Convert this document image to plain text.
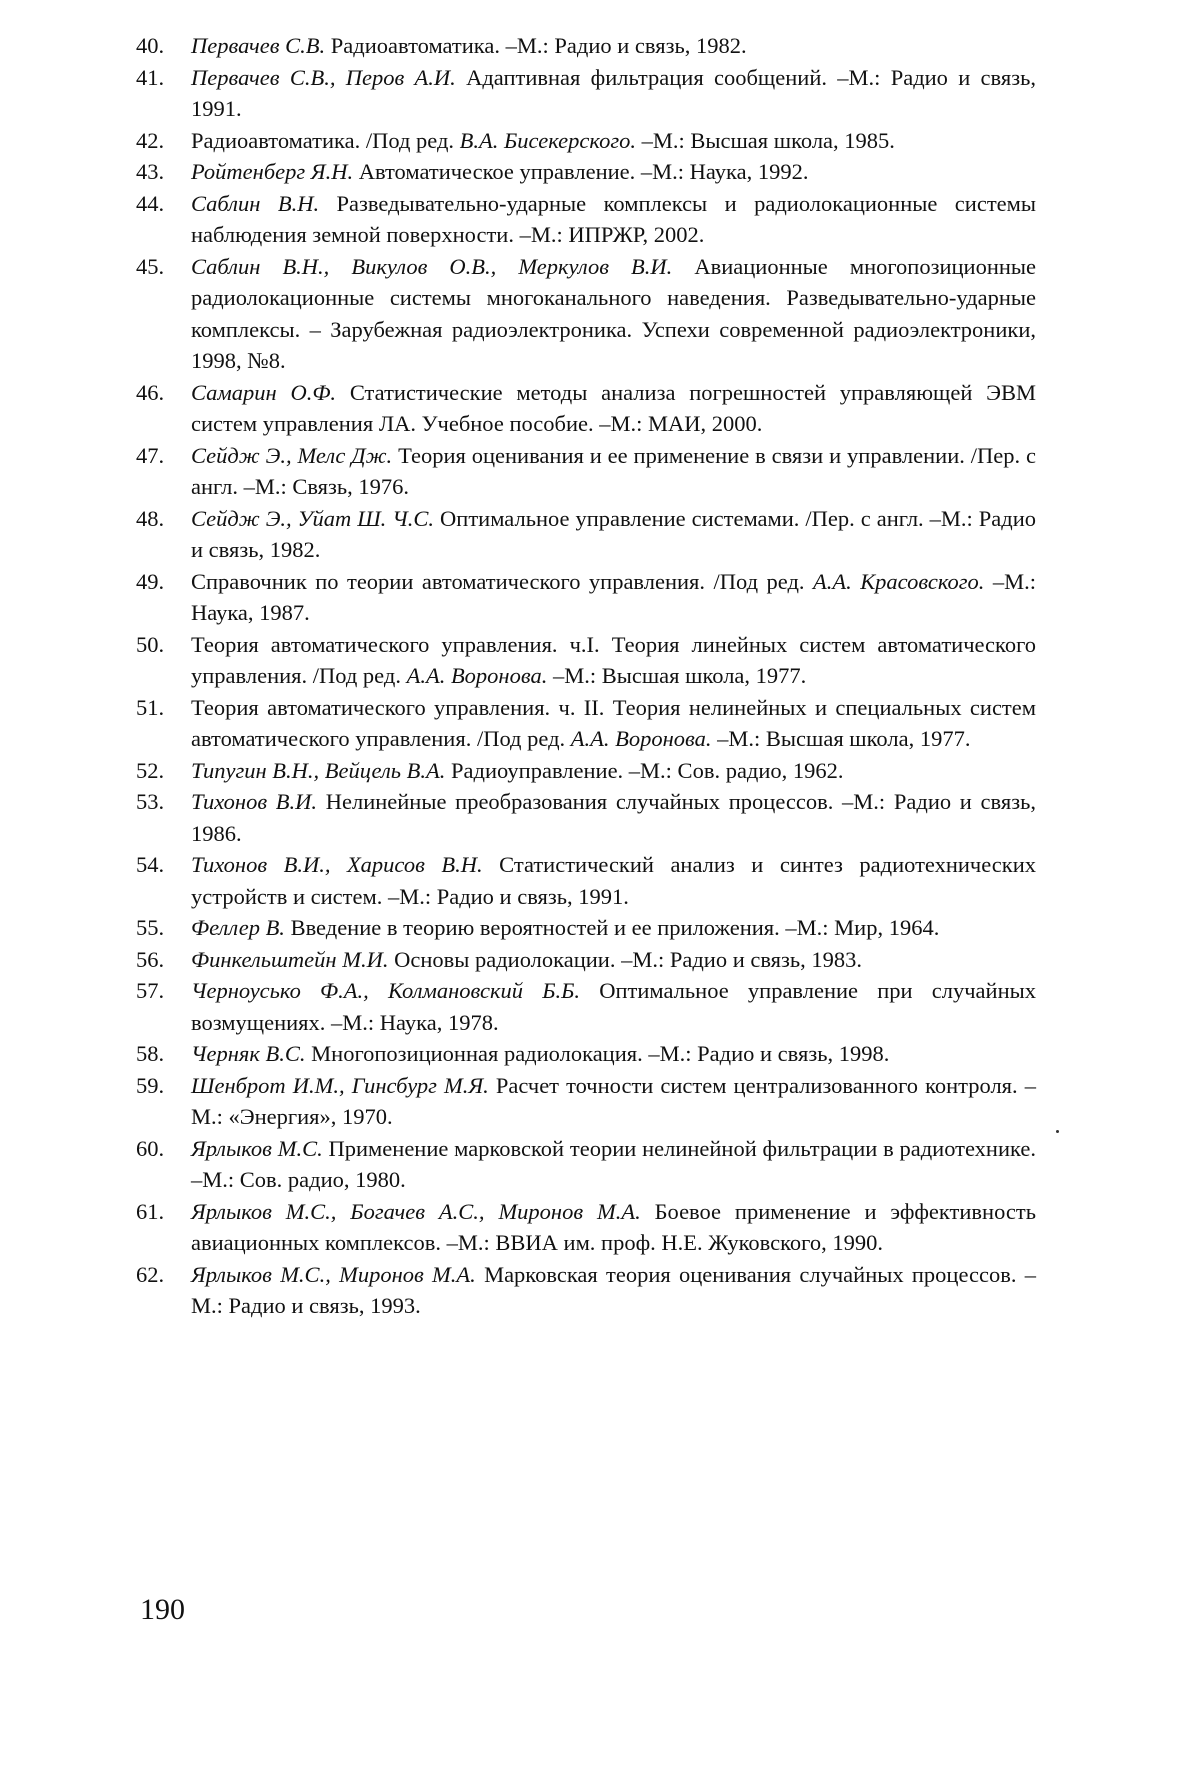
40. Первачев С.В. Радиоавтоматика. –М.: Радио и связь, 1982.
41. Первачев С.В., Перов А.И. Адаптивная фильтрация сообщений. –М.: Радио и связь, 1991.
42. Радиоавтоматика. /Под ред. В.А. Бисекерского. –М.: Высшая школа, 1985.
43. Ройтенберг Я.Н. Автоматическое управление. –М.: Наука, 1992.
44. Саблин В.Н. Разведывательно-ударные комплексы и радиолокационные системы наблюдения земной поверхности. –М.: ИПРЖР, 2002.
45. Саблин В.Н., Викулов О.В., Меркулов В.И. Авиационные многопозиционные радиолокационные системы многоканального наведения. Разведывательно-ударные комплексы. – Зарубежная радиоэлектроника. Успехи современной радиоэлектроники, 1998, №8.
46. Самарин О.Ф. Статистические методы анализа погрешностей управляющей ЭВМ систем управления ЛА. Учебное пособие. –М.: МАИ, 2000.
47. Сейдж Э., Мелс Дж. Теория оценивания и ее применение в связи и управлении. /Пер. с англ. –М.: Связь, 1976.
48. Сейдж Э., Уйат Ш. Ч.С. Оптимальное управление системами. /Пер. с англ. –М.: Радио и связь, 1982.
49. Справочник по теории автоматического управления. /Под ред. А.А. Красовского. –М.: Наука, 1987.
50. Теория автоматического управления. ч.I. Теория линейных систем автоматического управления. /Под ред. А.А. Воронова. –М.: Высшая школа, 1977.
51. Теория автоматического управления. ч. II. Теория нелинейных и специальных систем автоматического управления. /Под ред. А.А. Воронова. –М.: Высшая школа, 1977.
52. Типугин В.Н., Вейцель В.А. Радиоуправление. –М.: Сов. радио, 1962.
53. Тихонов В.И. Нелинейные преобразования случайных процессов. –М.: Радио и связь, 1986.
54. Тихонов В.И., Харисов В.Н. Статистический анализ и синтез радиотехнических устройств и систем. –М.: Радио и связь, 1991.
55. Феллер В. Введение в теорию вероятностей и ее приложения. –М.: Мир, 1964.
56. Финкельштейн М.И. Основы радиолокации. –М.: Радио и связь, 1983.
57. Черноусько Ф.А., Колмановский Б.Б. Оптимальное управление при случайных возмущениях. –М.: Наука, 1978.
58. Черняк В.С. Многопозиционная радиолокация. –М.: Радио и связь, 1998.
59. Шенброт И.М., Гинсбург М.Я. Расчет точности систем централизованного контроля. –М.: «Энергия», 1970.
60. Ярлыков М.С. Применение марковской теории нелинейной фильтрации в радиотехнике. –М.: Сов. радио, 1980.
61. Ярлыков М.С., Богачев А.С., Миронов М.А. Боевое применение и эффективность авиационных комплексов. –М.: ВВИА им. проф. Н.Е. Жуковского, 1990.
62. Ярлыков М.С., Миронов М.А. Марковская теория оценивания случайных процессов. –М.: Радио и связь, 1993.
190
